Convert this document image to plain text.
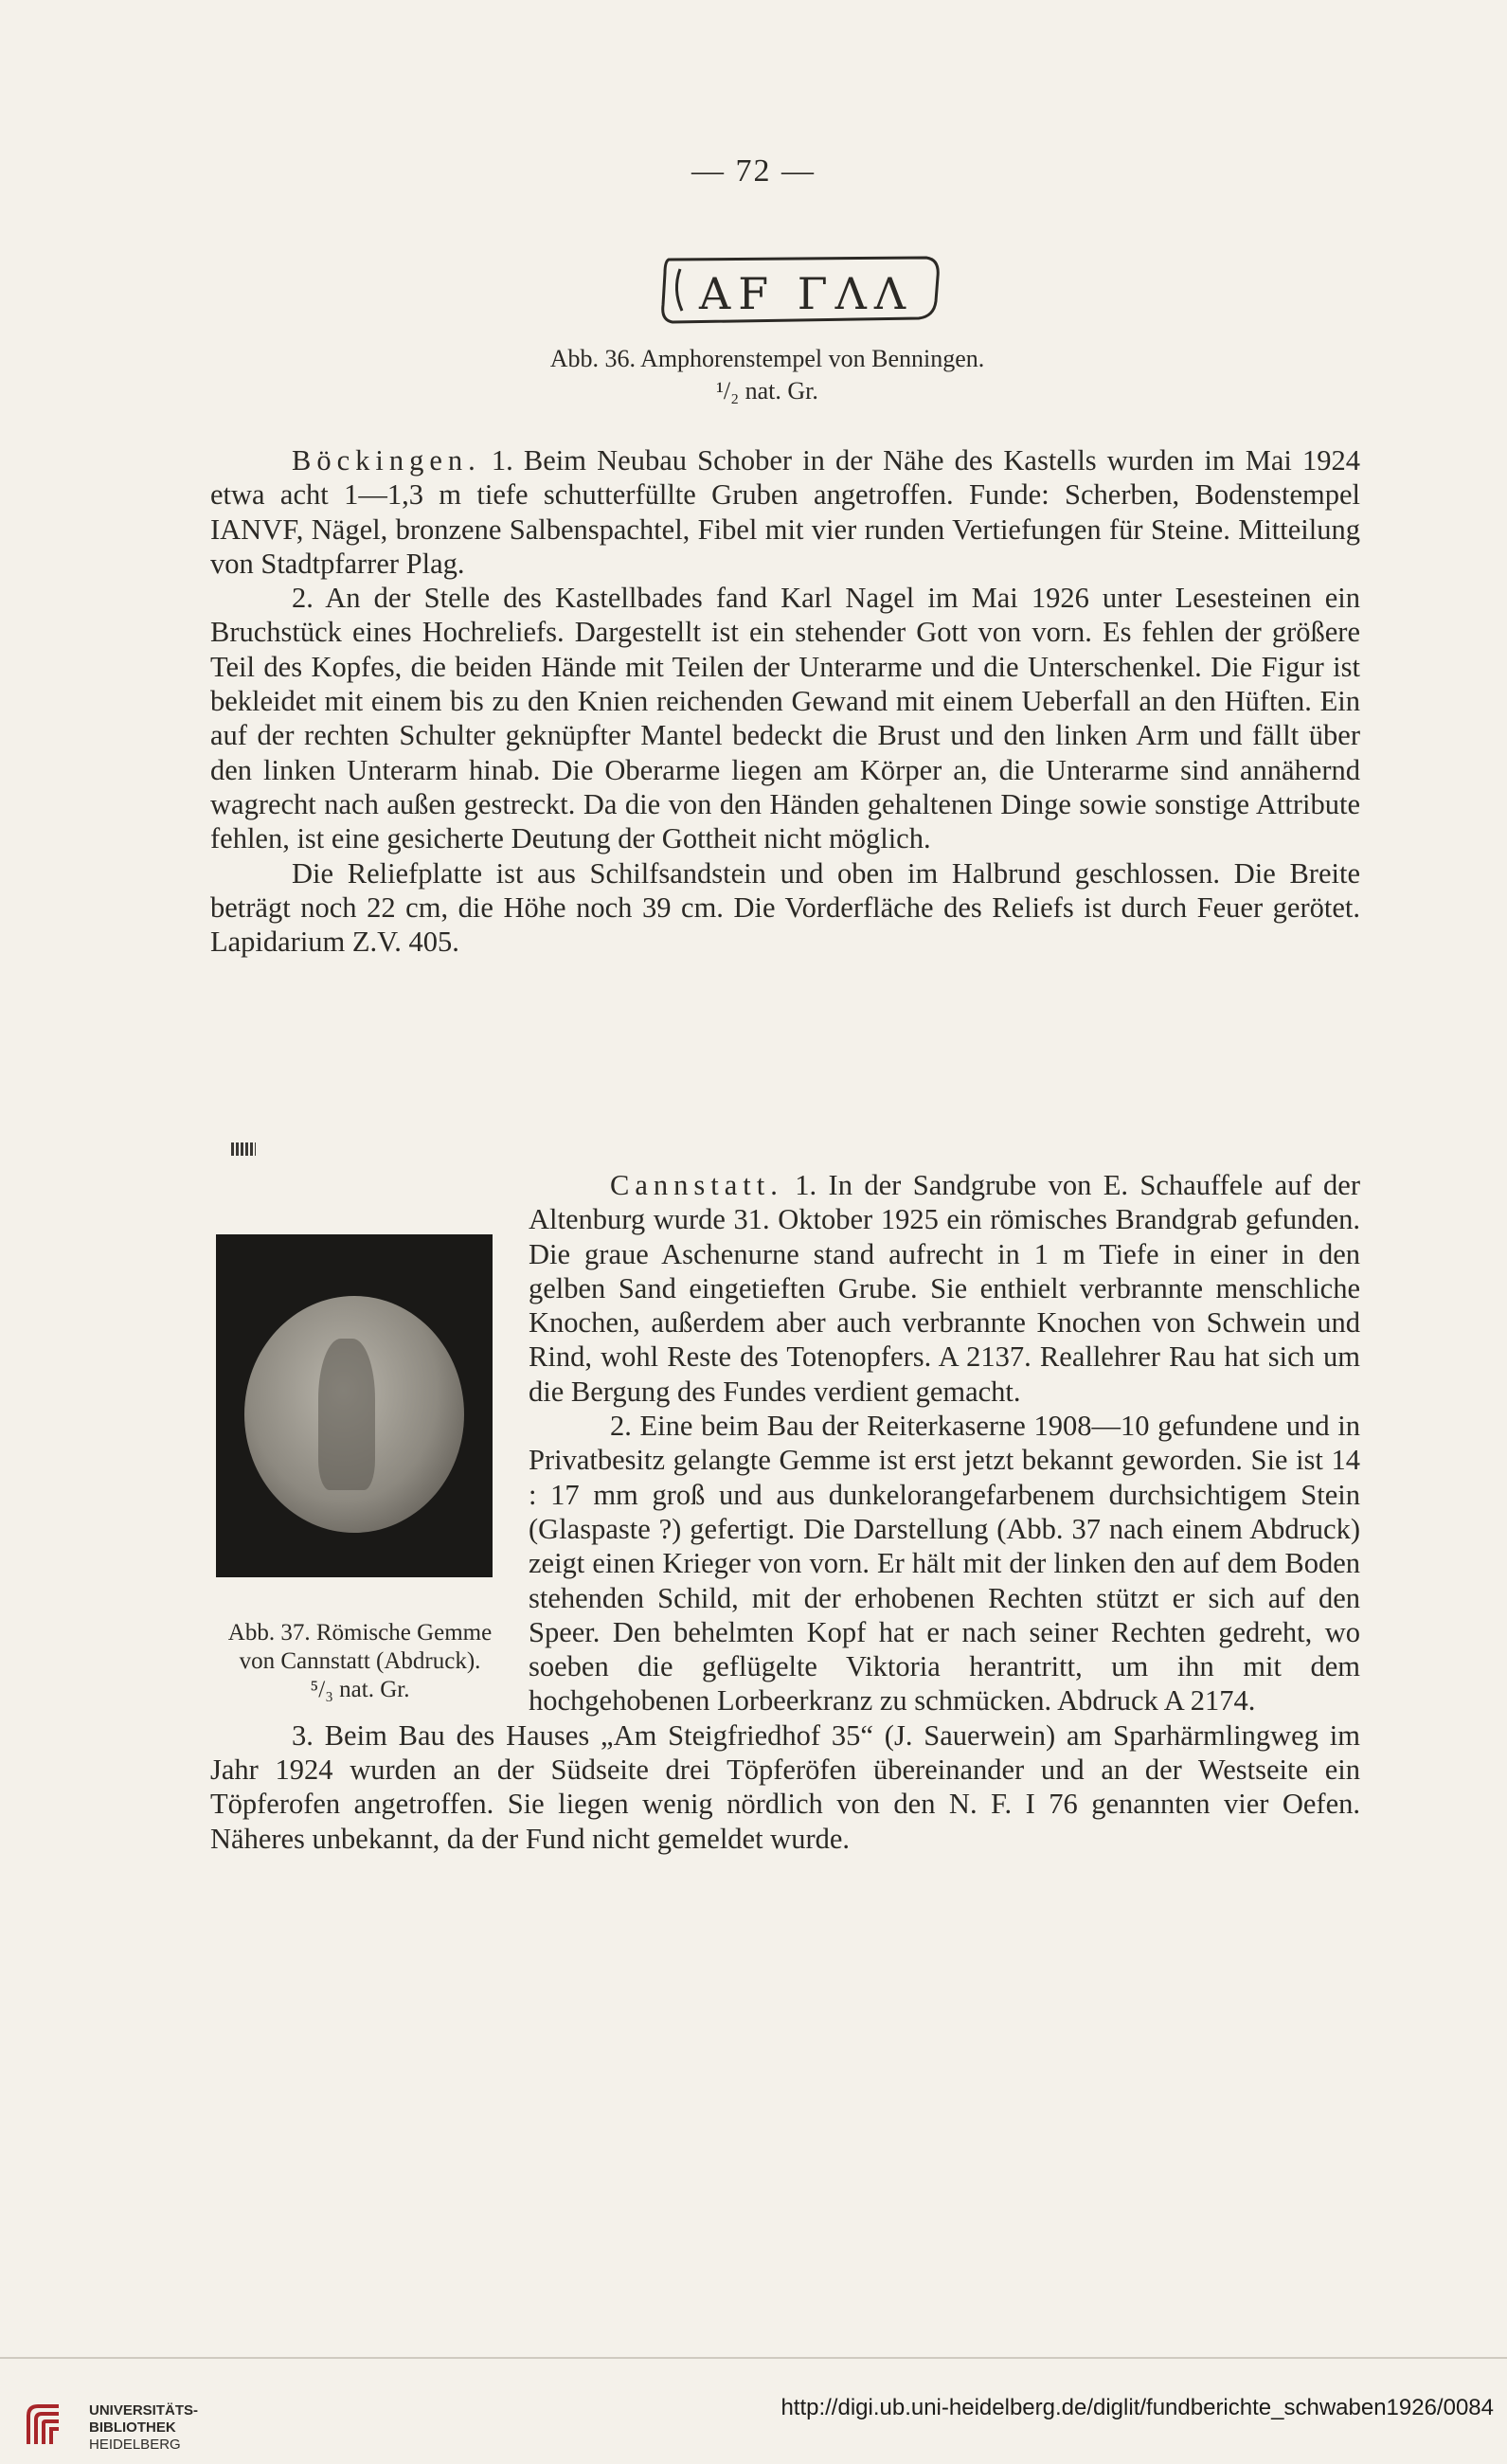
— 72 —
AF ΓΛΛ
Abb. 36. Amphorenstempel von Benningen.
¹/₂ nat. Gr.

Böckingen. 1. Beim Neubau Schober in der Nähe des Kastells wurden im Mai 1924 etwa acht 1—1,3 m tiefe schutterfüllte Gruben angetroffen. Funde: Scherben, Bodenstempel IANVF, Nägel, bronzene Salbenspachtel, Fibel mit vier runden Vertiefungen für Steine. Mitteilung von Stadtpfarrer Plag.

2. An der Stelle des Kastellbades fand Karl Nagel im Mai 1926 unter Lesesteinen ein Bruchstück eines Hochreliefs. Dargestellt ist ein stehender Gott von vorn. Es fehlen der größere Teil des Kopfes, die beiden Hände mit Teilen der Unterarme und die Unterschenkel. Die Figur ist bekleidet mit einem bis zu den Knien reichenden Gewand mit einem Ueberfall an den Hüften. Ein auf der rechten Schulter geknüpfter Mantel bedeckt die Brust und den linken Arm und fällt über den linken Unterarm hinab. Die Oberarme liegen am Körper an, die Unterarme sind annähernd wagrecht nach außen gestreckt. Da die von den Händen gehaltenen Dinge sowie sonstige Attribute fehlen, ist eine gesicherte Deutung der Gottheit nicht möglich.

Die Reliefplatte ist aus Schilfsandstein und oben im Halbrund geschlossen. Die Breite beträgt noch 22 cm, die Höhe noch 39 cm. Die Vorderfläche des Reliefs ist durch Feuer gerötet. Lapidarium Z.V. 405.

Abb. 37. Römische Gemme von Cannstatt (Abdruck).
⁵/₃ nat. Gr.

Cannstatt. 1. In der Sandgrube von E. Schauffele auf der Altenburg wurde 31. Oktober 1925 ein römisches Brandgrab gefunden. Die graue Aschenurne stand aufrecht in 1 m Tiefe in einer in den gelben Sand eingetieften Grube. Sie enthielt verbrannte menschliche Knochen, außerdem aber auch verbrannte Knochen von Schwein und Rind, wohl Reste des Totenopfers. A 2137. Reallehrer Rau hat sich um die Bergung des Fundes verdient gemacht.

2. Eine beim Bau der Reiterkaserne 1908—10 gefundene und in Privatbesitz gelangte Gemme ist erst jetzt bekannt geworden. Sie ist 14 : 17 mm groß und aus dunkelorangefarbenem durchsichtigem Stein (Glaspaste ?) gefertigt. Die Darstellung (Abb. 37 nach einem Abdruck) zeigt einen Krieger von vorn. Er hält mit der linken den auf dem Boden stehenden Schild, mit der erhobenen Rechten stützt er sich auf den Speer. Den behelmten Kopf hat er nach seiner Rechten gedreht, wo soeben die geflügelte Viktoria herantritt, um ihn mit dem hochgehobenen Lorbeerkranz zu schmücken. Abdruck A 2174.

3. Beim Bau des Hauses „Am Steigfriedhof 35“ (J. Sauerwein) am Sparhärmlingweg im Jahr 1924 wurden an der Südseite drei Töpferöfen übereinander und an der Westseite ein Töpferofen angetroffen. Sie liegen wenig nördlich von den N. F. I 76 genannten vier Oefen. Näheres unbekannt, da der Fund nicht gemeldet wurde.

UNIVERSITÄTS-
BIBLIOTHEK
HEIDELBERG
http://digi.ub.uni-heidelberg.de/diglit/fundberichte_schwaben1926/0084
